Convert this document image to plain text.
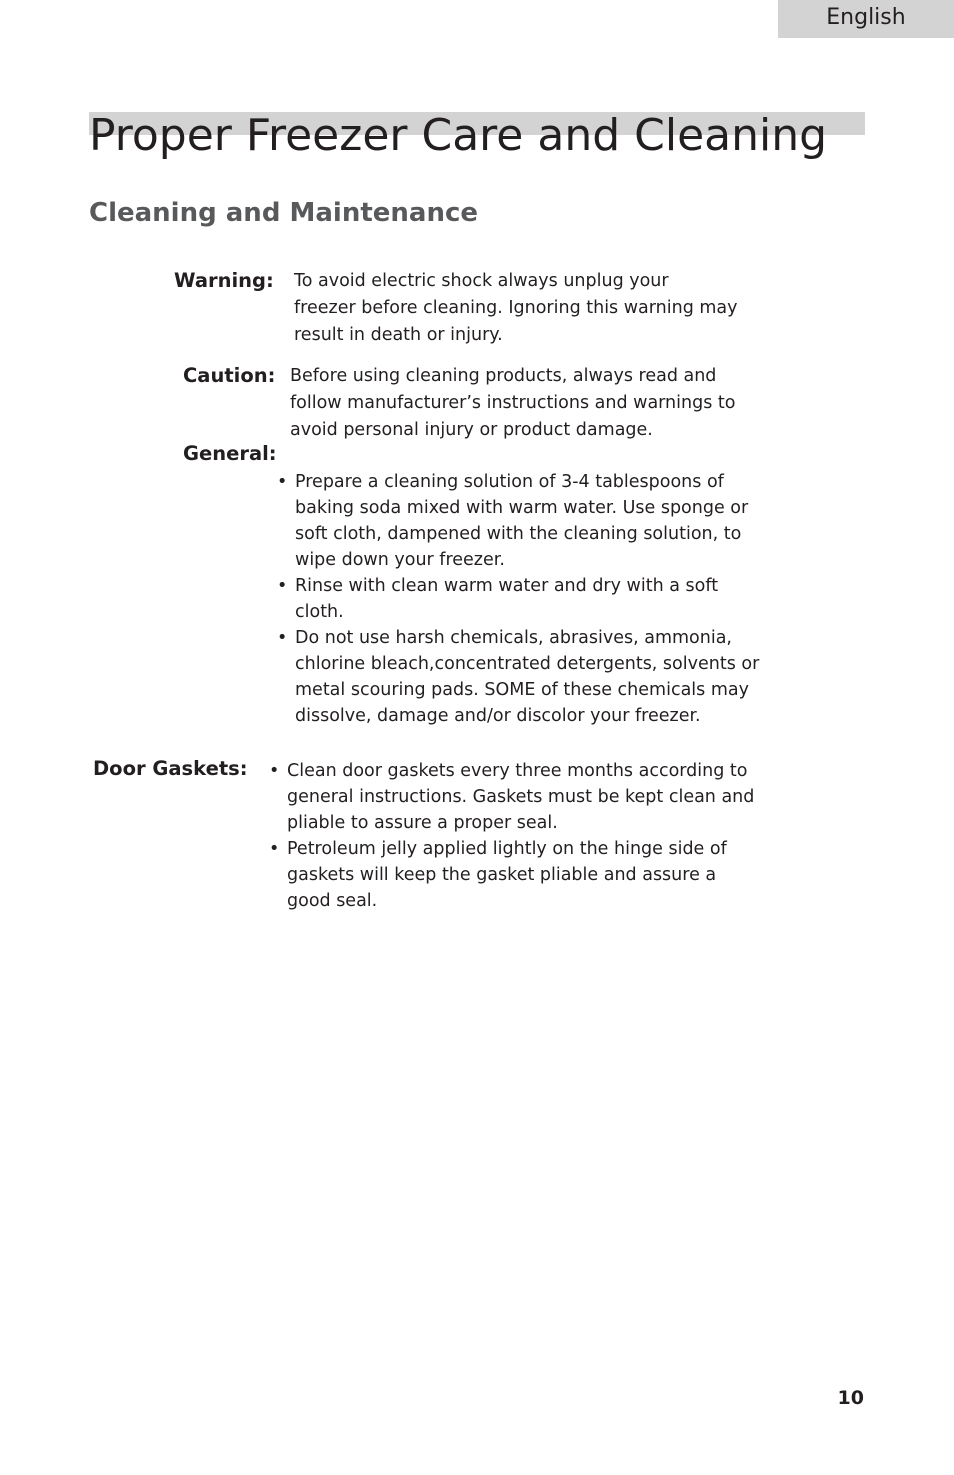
English
Proper Freezer Care and Cleaning
Cleaning and Maintenance
Warning: To avoid electric shock always unplug your
freezer before cleaning. Ignoring this warning may
result in death or injury.

Caution: Before using cleaning products, always read and
follow manufacturer’s instructions and warnings to
avoid personal injury or product damage.

General:
• Prepare a cleaning solution of 3-4 tablespoons of
baking soda mixed with warm water. Use sponge or
soft cloth, dampened with the cleaning solution, to
wipe down your freezer.
• Rinse with clean warm water and dry with a soft
cloth.
• Do not use harsh chemicals, abrasives, ammonia,
chlorine bleach,concentrated detergents, solvents or
metal scouring pads. SOME of these chemicals may
dissolve, damage and/or discolor your freezer.
Door Gaskets: • Clean door gaskets every three months according to
general instructions. Gaskets must be kept clean and
pliable to assure a proper seal.
• Petroleum jelly applied lightly on the hinge side of
gaskets will keep the gasket pliable and assure a
good seal.
10
